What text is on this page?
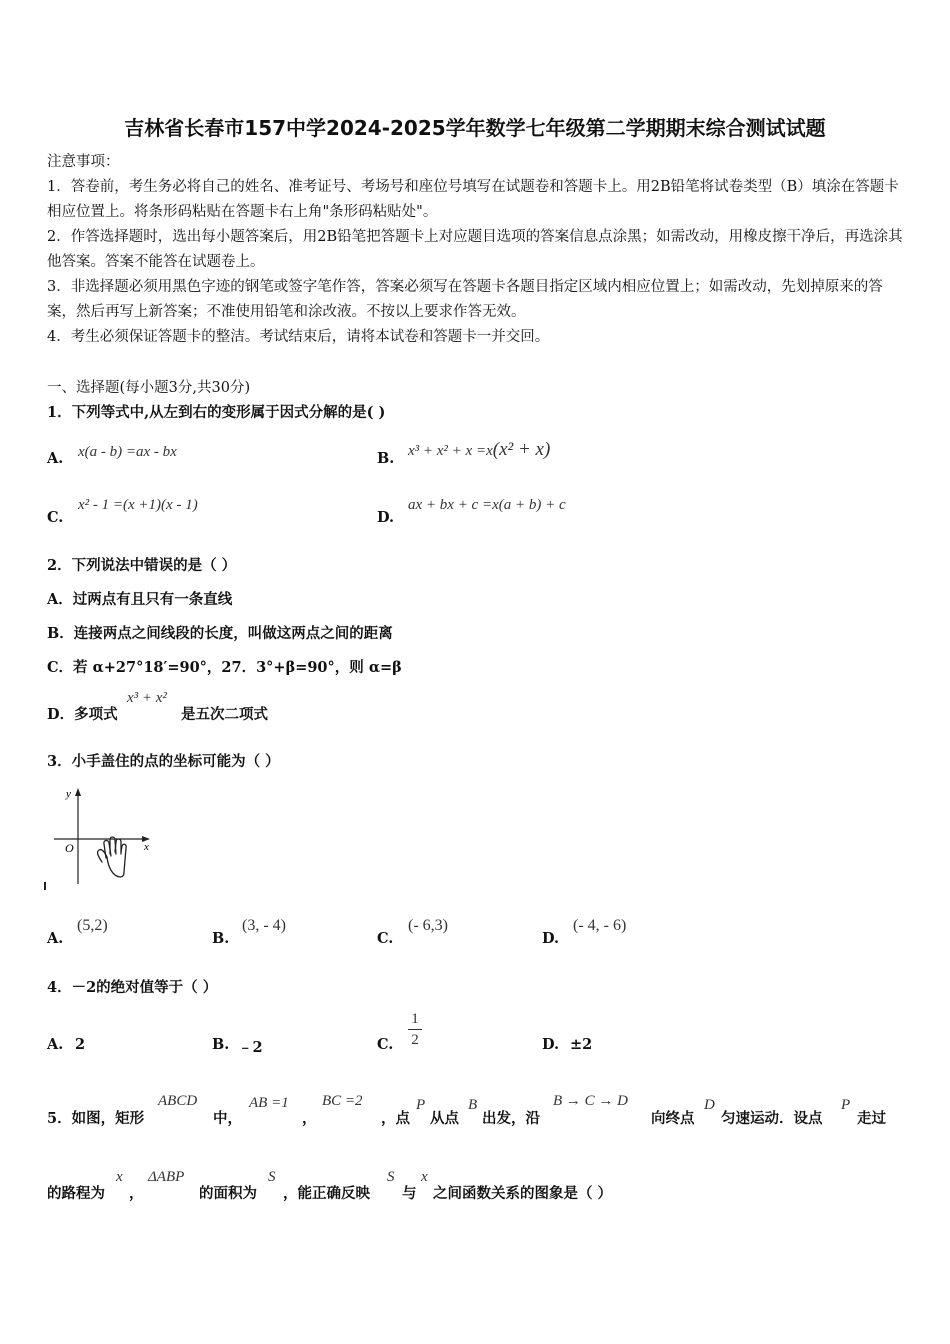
吉林省长春市157中学2024-2025学年数学七年级第二学期期末综合测试试题
注意事项：
1．答卷前，考生务必将自己的姓名、准考证号、考场号和座位号填写在试题卷和答题卡上。用2B铅笔将试卷类型（B）填涂在答题卡相应位置上。将条形码粘贴在答题卡右上角"条形码粘贴处"。
2．作答选择题时，选出每小题答案后，用2B铅笔把答题卡上对应题目选项的答案信息点涂黑；如需改动，用橡皮擦干净后，再选涂其他答案。答案不能答在试题卷上。
3．非选择题必须用黑色字迹的钢笔或签字笔作答，答案必须写在答题卡各题目指定区域内相应位置上；如需改动，先划掉原来的答案，然后再写上新答案；不准使用铅笔和涂改液。不按以上要求作答无效。
4．考生必须保证答题卡的整洁。考试结束后，请将本试卷和答题卡一并交回。
一、选择题(每小题3分,共30分)
1．下列等式中,从左到右的变形属于因式分解的是( )
A. x(a - b) =ax - bx	B. x³ + x² + x =x(x² + x)
C.
x² - 1 =(x +1)(x - 1)
D.
ax + bx + c =x(a + b) + c
2．下列说法中错误的是（ ）
A．过两点有且只有一条直线
B．连接两点之间线段的长度，叫做这两点之间的距离
C．若 α+27°18′=90°，27．3°+β=90°，则 α=β
D．多项式
x³ + x²
是五次二项式
3．小手盖住的点的坐标可能为（ ）
y
x
O
A.
(5,2)
B.
(3, - 4)
C.
(- 6,3)
D.
(- 4, - 6)
4．－2的绝对值等于（ ）
A. 2	B. ﹣2	C.
1
2	D. ±2
5．如图，矩形
ABCD
中，
AB =1
，
BC =2
，点
P
从点
B
出发，沿
B → C → D
向终点
D
匀速运动．设点
P
走过
的路程为
x
，
ΔABP
的面积为
S
，能正确反映
S
与
x
之间函数关系的图象是（ ）
